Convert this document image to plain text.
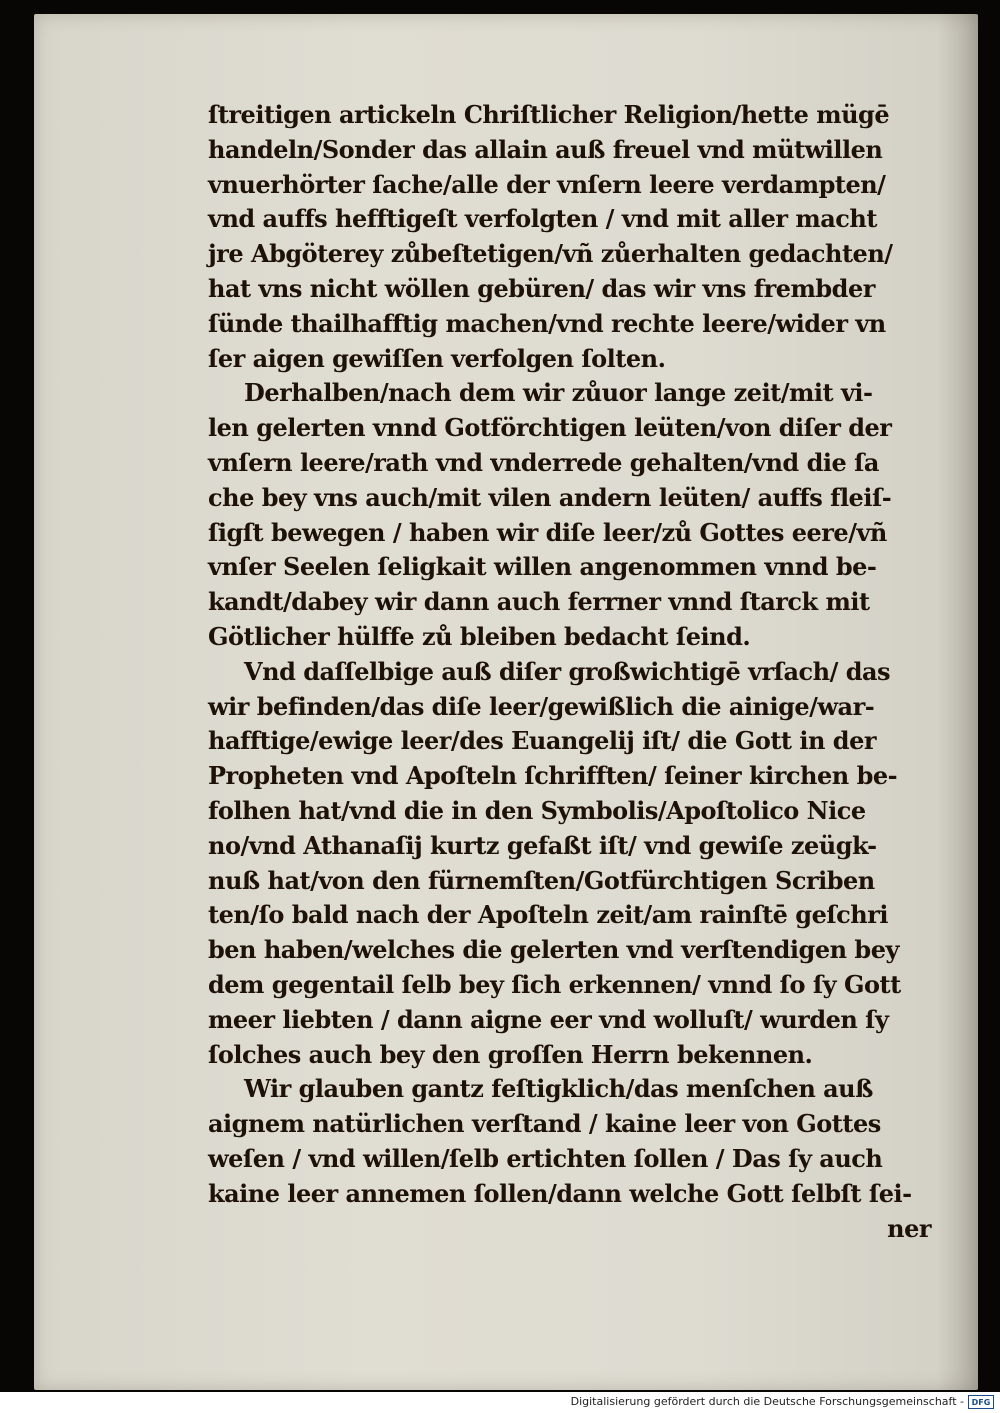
ſtreitigen artickeln Chriſtlicher Religion/hette mügē
handeln/Sonder das allain auß freuel vnd mütwillen
vnuerhörter ſache/alle der vnſern leere verdampten/
vnd auffs hefftigeſt verfolgten / vnd mit aller macht
jre Abgöterey zůbeſtetigen/vñ zůerhalten gedachten/
hat vns nicht wöllen gebüren/ das wir vns frembder
ſünde thailhafftig machen/vnd rechte leere/wider vn
ſer aigen gewiſſen verfolgen ſolten.
Derhalben/nach dem wir zůuor lange zeit/mit vi-
len gelerten vnnd Gotförchtigen leüten/von diſer der
vnſern leere/rath vnd vnderrede gehalten/vnd die ſa
che bey vns auch/mit vilen andern leüten/ auffs fleiſ-
ſigſt bewegen / haben wir diſe leer/zů Gottes eere/vñ
vnſer Seelen ſeligkait willen angenommen vnnd be-
kandt/dabey wir dann auch ferrner vnnd ſtarck mit
Götlicher hülffe zů bleiben bedacht ſeind.
Vnd daſſelbige auß diſer großwichtigē vrſach/ das
wir befinden/das diſe leer/gewißlich die ainige/war-
hafftige/ewige leer/des Euangelij iſt/ die Gott in der
Propheten vnd Apoſteln ſchrifften/ ſeiner kirchen be-
folhen hat/vnd die in den Symbolis/Apoſtolico Nice
no/vnd Athanaſij kurtz gefaßt iſt/ vnd gewiſe zeügk-
nuß hat/von den fürnemſten/Gotfürchtigen Scriben
ten/ſo bald nach der Apoſteln zeit/am rainſtē geſchri
ben haben/welches die gelerten vnd verſtendigen bey
dem gegentail ſelb bey ſich erkennen/ vnnd ſo ſy Gott
meer liebten / dann aigne eer vnd wolluſt/ wurden ſy
ſolches auch bey den groſſen Herrn bekennen.
Wir glauben gantz feſtigklich/das menſchen auß
aignem natürlichen verſtand / kaine leer von Gottes
weſen / vnd willen/ſelb ertichten ſollen / Das ſy auch
kaine leer annemen ſollen/dann welche Gott ſelbſt ſei-
ner
Digitalisierung gefördert durch die Deutsche Forschungsgemeinschaft - DFG
